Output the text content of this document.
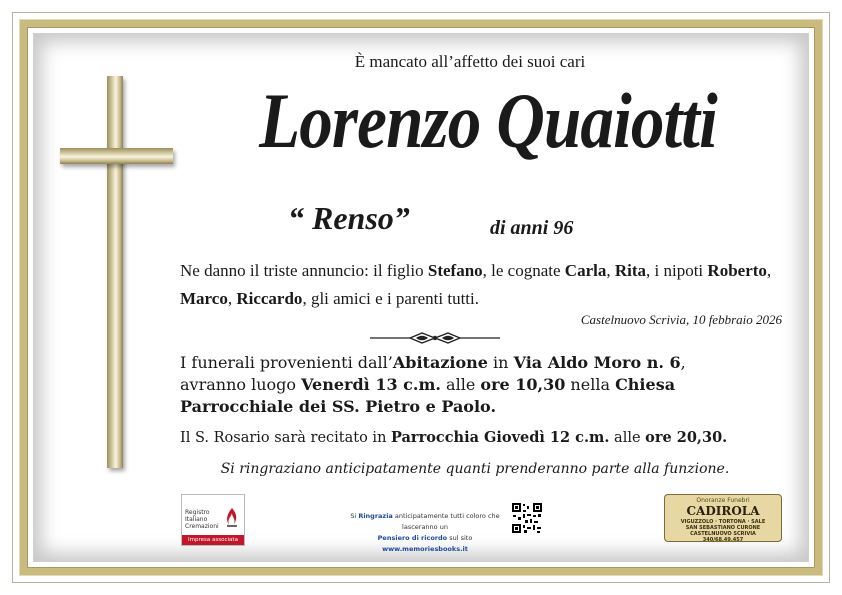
È mancato all’affetto dei suoi cari
Lorenzo Quaiotti
“ Renso”	di anni 96
Ne danno il triste annuncio: il figlio Stefano, le cognate Carla, Rita, i nipoti Roberto,
Marco, Riccardo, gli amici e i parenti tutti.
Castelnuovo Scrivia, 10 febbraio 2026
I funerali provenienti dall’Abitazione in Via Aldo Moro n. 6,
avranno luogo Venerdì 13 c.m. alle ore 10,30 nella Chiesa
Parrocchiale dei SS. Pietro e Paolo.
Il S. Rosario sarà recitato in Parrocchia Giovedì 12 c.m. alle ore 20,30.
Si ringraziano anticipatamente quanti prenderanno parte alla funzione.
Registro
Italiano
Cremazioni
Impresa associata
Si Ringrazia anticipatamente tutti coloro che lasceranno un
Pensiero di ricordo sul sito www.memoriesbooks.it
Onoranze Funebri
CADIROLA
VIGUZZOLO · TORTONA · SALE
SAN SEBASTIANO CURONE
CASTELNUOVO SCRIVIA
340/68.49.457
